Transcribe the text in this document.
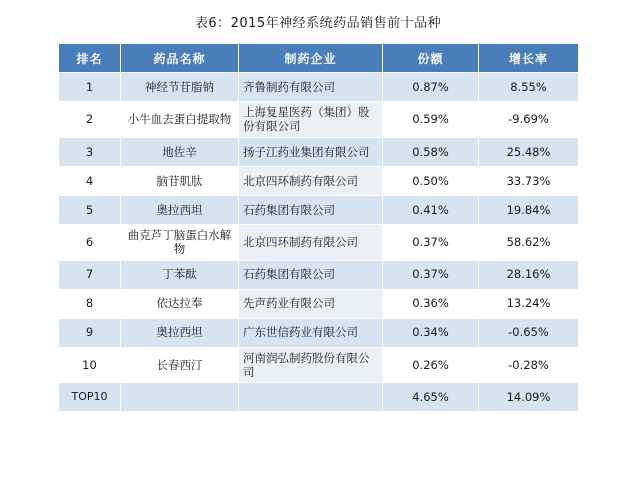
表6：2015年神经系统药品销售前十品种
排名	药品名称	制药企业	份额	增长率
1	神经节苷脂钠	齐鲁制药有限公司	0.87%	8.55%
2	小牛血去蛋白提取物	上海复星医药（集团）股份有限公司	0.59%	-9.69%
3	地佐辛	扬子江药业集团有限公司	0.58%	25.48%
4	脑苷肌肽	北京四环制药有限公司	0.50%	33.73%
5	奥拉西坦	石药集团有限公司	0.41%	19.84%
6	曲克芦丁脑蛋白水解物	北京四环制药有限公司	0.37%	58.62%
7	丁苯酞	石药集团有限公司	0.37%	28.16%
8	依达拉奉	先声药业有限公司	0.36%	13.24%
9	奥拉西坦	广东世信药业有限公司	0.34%	-0.65%
10	长春西汀	河南润弘制药股份有限公司	0.26%	-0.28%
TOP10			4.65%	14.09%
